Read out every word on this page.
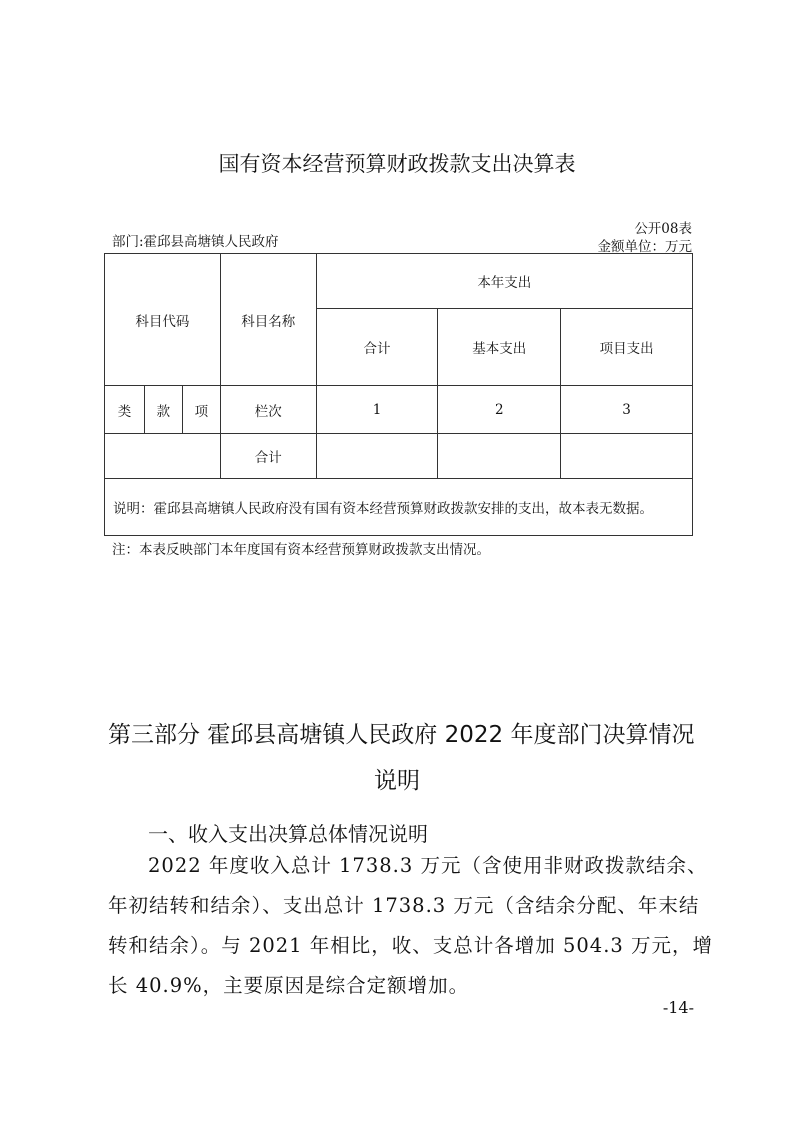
国有资本经营预算财政拨款支出决算表
公开08表
部门:霍邱县高塘镇人民政府	金额单位：万元
科目代码			科目名称	本年支出		
				合计	基本支出	项目支出
类	款	项	栏次	1	2	3
			合计			
说明：霍邱县高塘镇人民政府没有国有资本经营预算财政拨款安排的支出，故本表无数据。						
注：本表反映部门本年度国有资本经营预算财政拨款支出情况。
第三部分 霍邱县高塘镇人民政府 2022 年度部门决算情况
说明
一、收入支出决算总体情况说明
2022 年度收入总计 1738.3 万元（含使用非财政拨款结余、
年初结转和结余）、支出总计 1738.3 万元（含结余分配、年末结
转和结余）。与 2021 年相比，收、支总计各增加 504.3 万元，增
长 40.9%，主要原因是综合定额增加。
-14-
